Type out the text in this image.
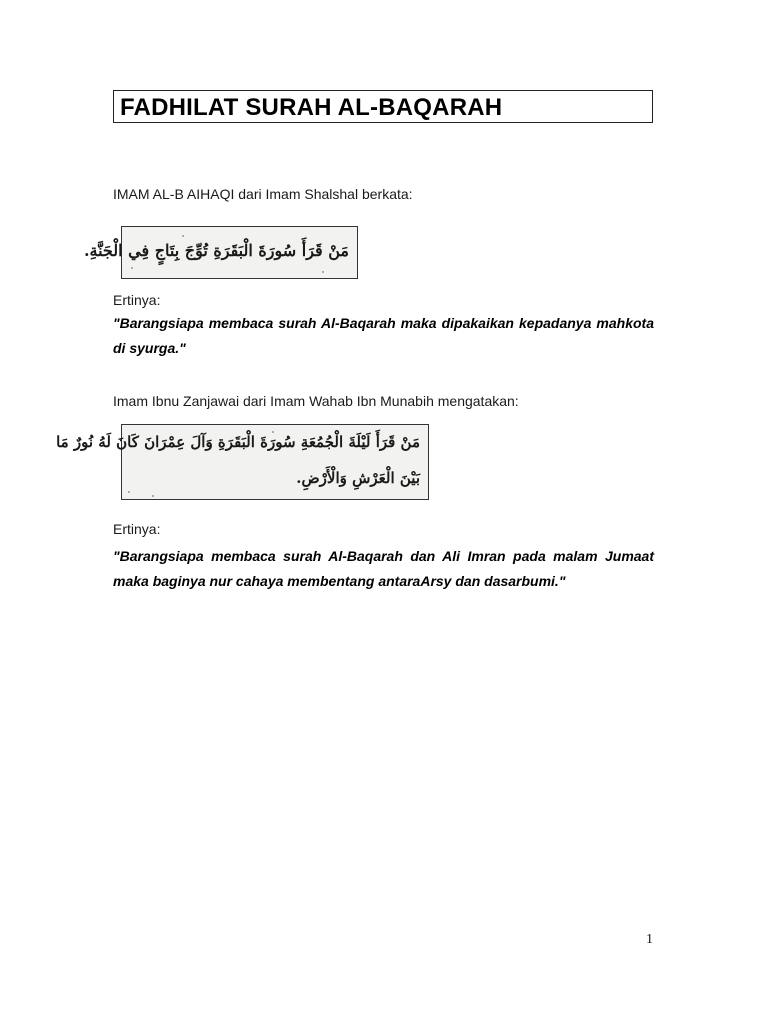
FADHILAT SURAH AL-BAQARAH
IMAM AL-B AIHAQI dari Imam Shalshal berkata:
مَنْ قَرَأَ سُورَةَ الْبَقَرَةِ تُوِّجَ بِتَاجٍ فِي الْجَنَّةِ.
Ertinya:
"Barangsiapa membaca surah Al-Baqarah maka dipakaikan kepadanya mahkota di syurga."
Imam Ibnu Zanjawai dari Imam Wahab Ibn Munabih mengatakan:
مَنْ قَرَأَ لَيْلَةَ الْجُمُعَةِ سُورَةَ الْبَقَرَةِ وَآلَ عِمْرَانَ كَانَ لَهُ نُورٌ مَا
بَيْنَ الْعَرْشِ وَالْأَرْضِ.
Ertinya:
"Barangsiapa membaca surah Al-Baqarah dan Ali Imran pada malam Jumaat maka baginya nur cahaya membentang antaraArsy dan dasarbumi."
1
